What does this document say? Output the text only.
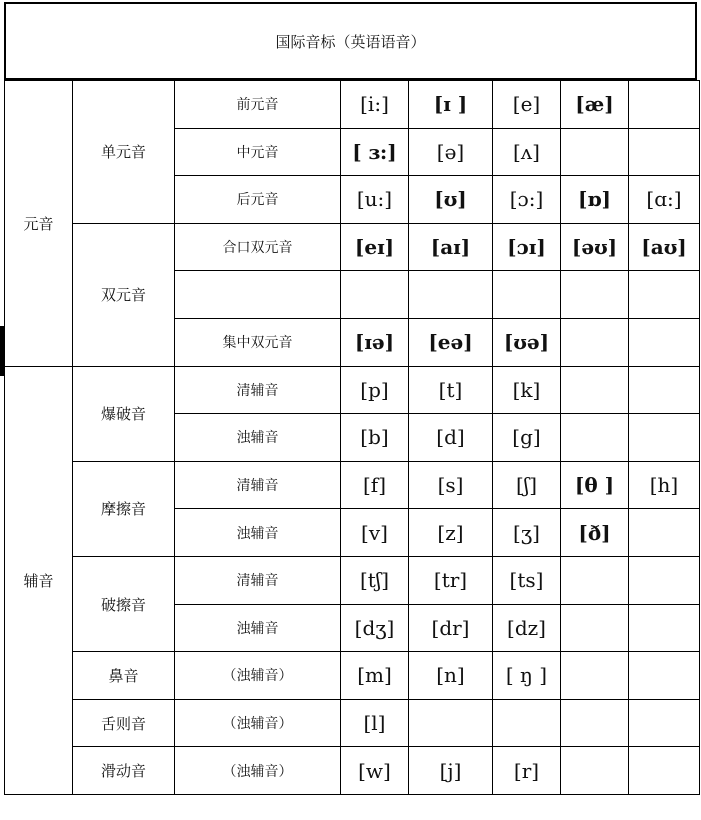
国际音标（英语语音）
元音	单元音	前元音	[i:]	[ɪ ]	[e]	[æ]	
		中元音	[ ɜ:]	[ə]	[ʌ]		
		后元音	[u:]	[ʊ]	[ɔ:]	[ɒ]	[ɑ:]
	双元音	合口双元音	[eɪ]	[aɪ]	[ɔɪ]	[əʊ]	[aʊ]

		集中双元音	[ɪə]	[eə]	[ʊə]		
辅音	爆破音	清辅音	[p]	[t]	[k]		
		浊辅音	[b]	[d]	[g]		
	摩擦音	清辅音	[f]	[s]	[ʃ]	[θ ]	[h]
		浊辅音	[v]	[z]	[ʒ]	[ð]	
	破擦音	清辅音	[tʃ]	[tr]	[ts]		
		浊辅音	[dʒ]	[dr]	[dz]		
	鼻音	（浊辅音）	[m]	[n]	[ ŋ ]		
	舌则音	（浊辅音）	[l]				
	滑动音	（浊辅音）	[w]	[j]	[r]		
